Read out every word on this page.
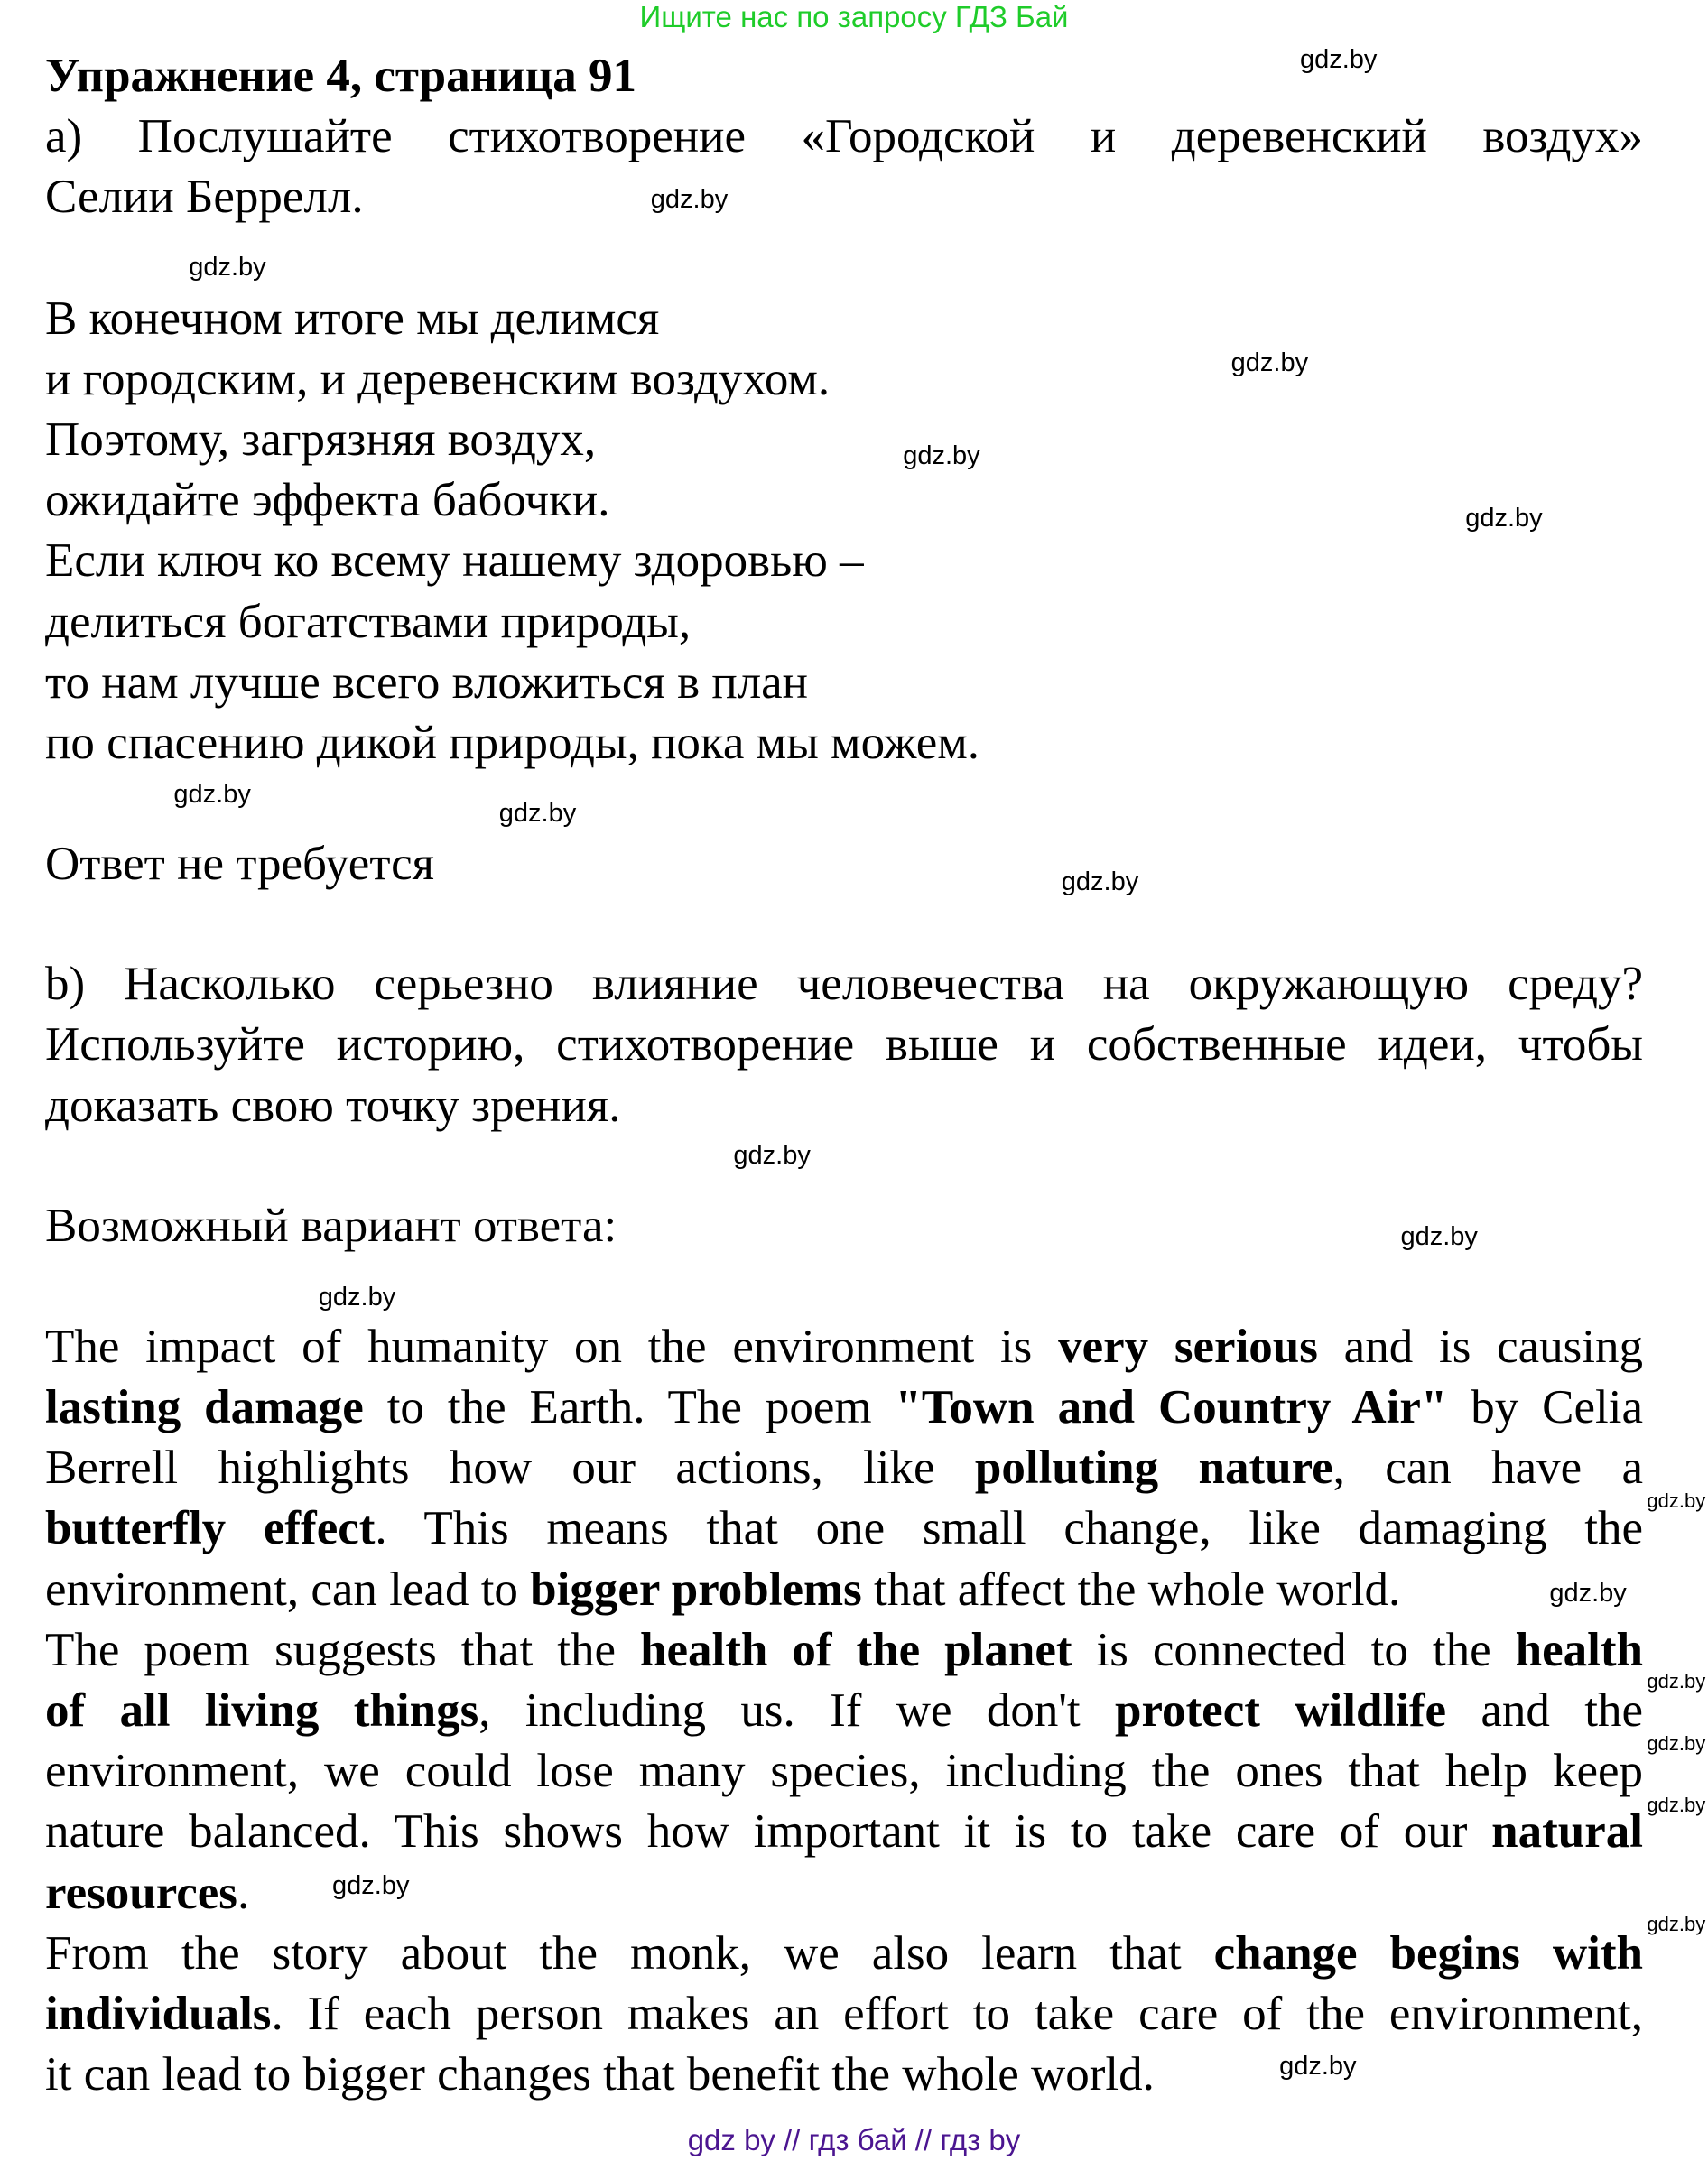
Ищите нас по запросу ГДЗ Бай
Упражнение 4, страница 91
а) Послушайте стихотворение «Городской и деревенский воздух»
Селии Беррелл.
В конечном итоге мы делимся
и городским, и деревенским воздухом.
Поэтому, загрязняя воздух,
ожидайте эффекта бабочки.
Если ключ ко всему нашему здоровью –
делиться богатствами природы,
то нам лучше всего вложиться в план
по спасению дикой природы, пока мы можем.
Ответ не требуется
b) Насколько серьезно влияние человечества на окружающую среду?
Используйте историю, стихотворение выше и собственные идеи, чтобы
доказать свою точку зрения.
Возможный вариант ответа:
The impact of humanity on the environment is very serious and is causing
lasting damage to the Earth. The poem "Town and Country Air" by Celia
Berrell highlights how our actions, like polluting nature, can have a
butterfly effect. This means that one small change, like damaging the
environment, can lead to bigger problems that affect the whole world.
The poem suggests that the health of the planet is connected to the health
of all living things, including us. If we don't protect wildlife and the
environment, we could lose many species, including the ones that help keep
nature balanced. This shows how important it is to take care of our natural
resources.
From the story about the monk, we also learn that change begins with
individuals. If each person makes an effort to take care of the environment,
it can lead to bigger changes that benefit the whole world.
gdz by // гдз бай // гдз by
gdz.by
gdz.by
gdz.by
gdz.by
gdz.by
gdz.by
gdz.by
gdz.by
gdz.by
gdz.by
gdz.by
gdz.by
gdz.by
gdz.by
gdz.by
gdz.by
gdz.by
gdz.by
gdz.by
gdz.by
